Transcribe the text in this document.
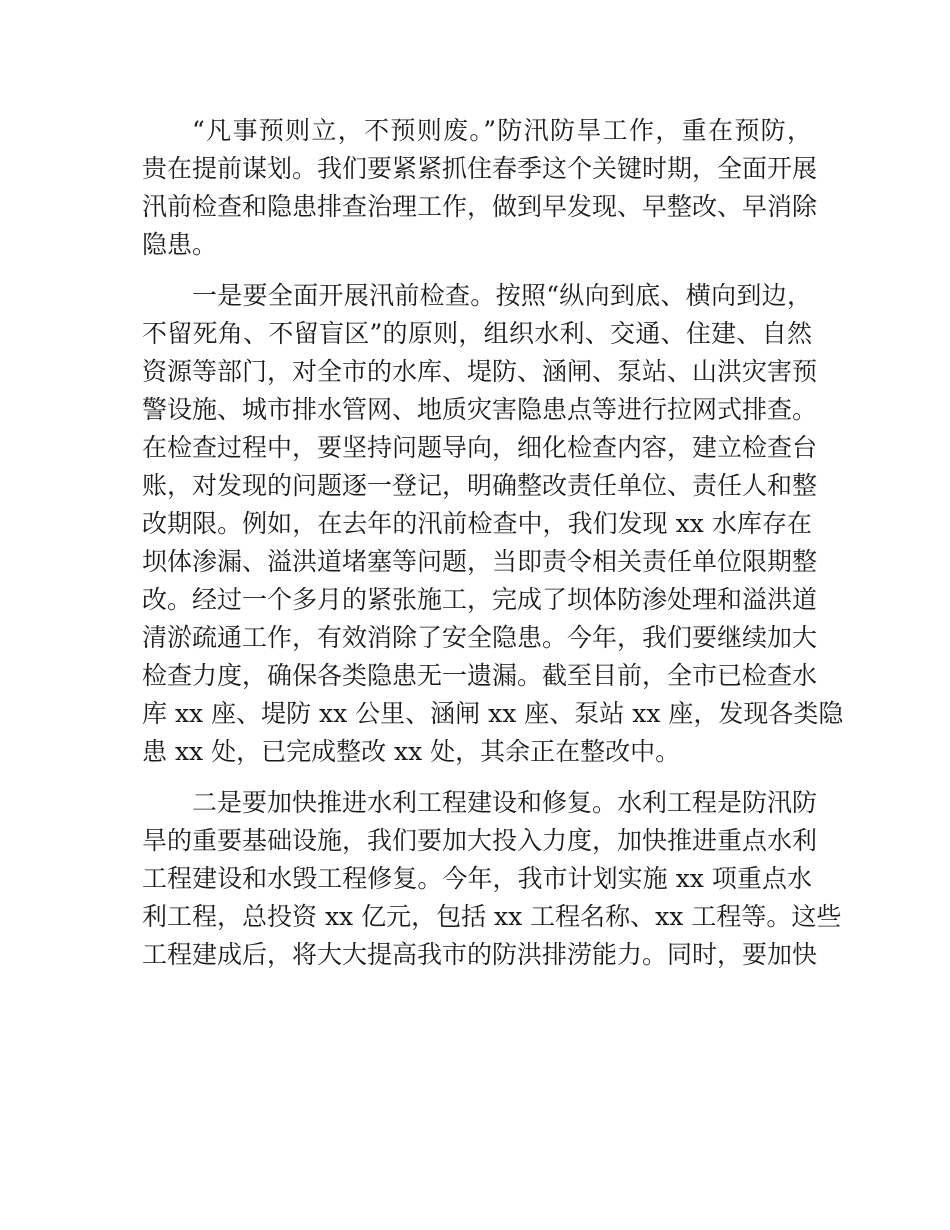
“凡事预则立，不预则废。”防汛防旱工作，重在预防，
贵在提前谋划。我们要紧紧抓住春季这个关键时期，全面开展
汛前检查和隐患排查治理工作，做到早发现、早整改、早消除
隐患。
一是要全面开展汛前检查。按照“纵向到底、横向到边，
不留死角、不留盲区”的原则，组织水利、交通、住建、自然
资源等部门，对全市的水库、堤防、涵闸、泵站、山洪灾害预
警设施、城市排水管网、地质灾害隐患点等进行拉网式排查。
在检查过程中，要坚持问题导向，细化检查内容，建立检查台
账，对发现的问题逐一登记，明确整改责任单位、责任人和整
改期限。例如，在去年的汛前检查中，我们发现 xx 水库存在
坝体渗漏、溢洪道堵塞等问题，当即责令相关责任单位限期整
改。经过一个多月的紧张施工，完成了坝体防渗处理和溢洪道
清淤疏通工作，有效消除了安全隐患。今年，我们要继续加大
检查力度，确保各类隐患无一遗漏。截至目前，全市已检查水
库 xx 座、堤防 xx 公里、涵闸 xx 座、泵站 xx 座，发现各类隐
患 xx 处，已完成整改 xx 处，其余正在整改中。
二是要加快推进水利工程建设和修复。水利工程是防汛防
旱的重要基础设施，我们要加大投入力度，加快推进重点水利
工程建设和水毁工程修复。今年，我市计划实施 xx 项重点水
利工程，总投资 xx 亿元，包括 xx 工程名称、xx 工程等。这些
工程建成后，将大大提高我市的防洪排涝能力。同时，要加快
